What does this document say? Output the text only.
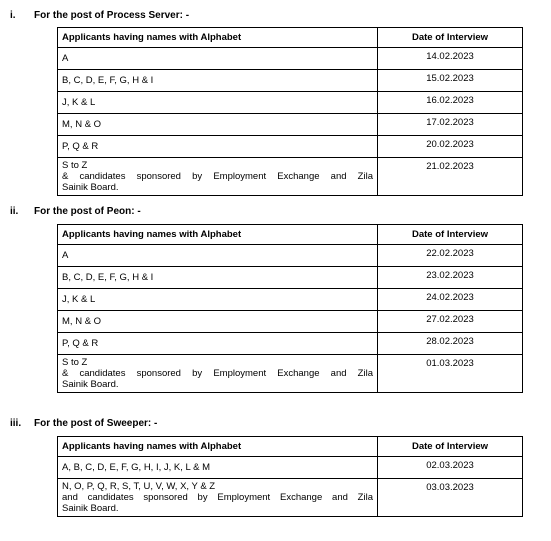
i. For the post of Process Server: -
Applicants having names with Alphabet	Date of Interview
A	14.02.2023
B, C, D, E, F, G, H & I	15.02.2023
J, K & L	16.02.2023
M, N & O	17.02.2023
P, Q & R	20.02.2023

S to Z
& candidates sponsored by Employment Exchange and Zila
Sainik Board.	21.02.2023
ii. For the post of Peon: -
Applicants having names with Alphabet	Date of Interview
A	22.02.2023
B, C, D, E, F, G, H & I	23.02.2023
J, K & L	24.02.2023
M, N & O	27.02.2023
P, Q & R	28.02.2023

S to Z
& candidates sponsored by Employment Exchange and Zila
Sainik Board.	01.03.2023
iii. For the post of Sweeper: -
Applicants having names with Alphabet	Date of Interview
A, B, C, D, E, F, G, H, I, J, K, L & M	02.03.2023

N, O, P, Q, R, S, T, U, V, W, X, Y & Z
and candidates sponsored by Employment Exchange and Zila
Sainik Board.	03.03.2023
